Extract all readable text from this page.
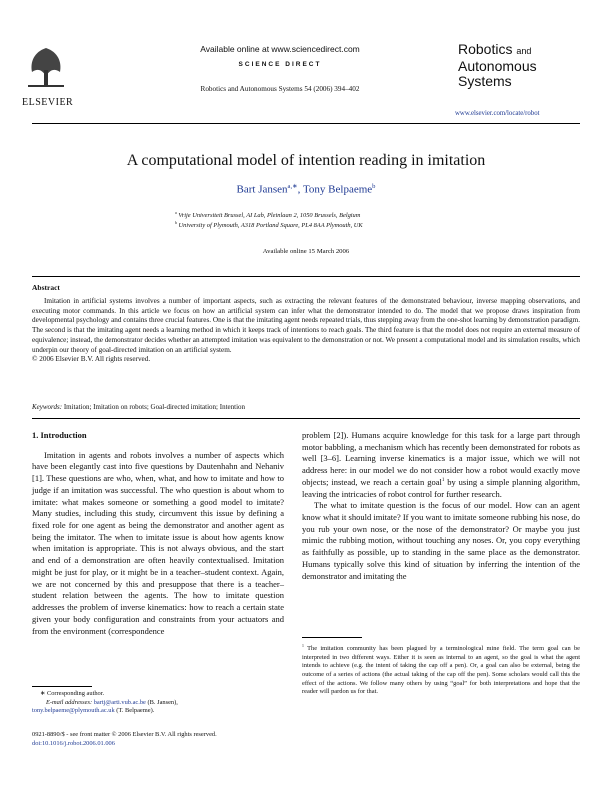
ELSEVIER
Available online at www.sciencedirect.com
SCIENCE DIRECT
Robotics and Autonomous Systems 54 (2006) 394–402
Robotics and
Autonomous
Systems
www.elsevier.com/locate/robot
A computational model of intention reading in imitation
Bart Jansen$^{a,∗}$, Tony Belpaeme$^b$
$^a$ Vrije Universiteit Brussel, AI Lab, Pleinlaan 2, 1050 Brussels, Belgium
$^b$ University of Plymouth, A318 Portland Square, PL4 8AA Plymouth, UK
Available online 15 March 2006
Abstract
Imitation in artificial systems involves a number of important aspects, such as extracting the relevant features of the demonstrated behaviour, inverse mapping observations, and executing motor commands. In this article we focus on how an artificial system can infer what the demonstrator intended to do. The model that we propose draws inspiration from developmental psychology and contains three crucial features. One is that the imitating agent needs repeated trials, thus stepping away from the one-shot learning by demonstration paradigm. The second is that the imitating agent needs a learning method in which it keeps track of intentions to reach goals. The third feature is that the model does not require an external measure of equivalence; instead, the demonstrator decides whether an attempted imitation was equivalent to the demonstration or not. We present a computational model and its simulation results, which underpin our theory of goal-directed imitation on an artificial system.
© 2006 Elsevier B.V. All rights reserved.
Keywords: Imitation; Imitation on robots; Goal-directed imitation; Intention
1. Introduction

Imitation in agents and robots involves a number of aspects which have been elegantly cast into five questions by Dautenhahn and Nehaniv [1]. These questions are who, when, what, and how to imitate and how to judge if an imitation was successful. The who question is about whom to imitate: what makes someone or something a good model to imitate? Many studies, including this study, circumvent this issue by defining a fixed role for one agent as being the demonstrator and another agent as being the imitator. The when to imitate issue is about how agents know when imitation is appropriate. This is not always obvious, and the start and end of a demonstration are often heavily contextualised. Imitation might be just for play, or it might be in a teacher–student context. Again, we are not concerned by this and presuppose that there is a teacher–student relation between the agents. The how to imitate question addresses the problem of inverse kinematics: how to reach a certain state given your body configuration and constraints from your actuators and from the environment (correspondence

problem [2]). Humans acquire knowledge for this task for a large part through motor babbling, a mechanism which has recently been demonstrated for robots as well [3–6]. Learning inverse kinematics is a major issue, which we will not address here: in our model we do not consider how a robot would exactly move objects; instead, we reach a certain goal$^1$ by using a simple planning algorithm, leaving the intricacies of robot control for further research.

The what to imitate question is the focus of our model. How can an agent know what it should imitate? If you want to imitate someone rubbing his nose, do you rub your own nose, or the nose of the demonstrator? Or maybe you just mimic the rubbing motion, without touching any noses. Or, you copy everything as faithfully as possible, up to standing in the same place as the demonstrator. Humans typically solve this kind of situation by inferring the intention of the demonstrator and imitating the

$^1$ The imitation community has been plagued by a terminological mine field. The term goal can be interpreted in two different ways. Either it is seen as internal to an agent, so the goal is what the agent intends to achieve (e.g. the intent of taking the cap off a pen). Or, a goal can also be external, being the outcome of a series of actions (the actual taking of the cap off the pen). Some scholars would call this the effect of the actions. We follow many others by using “goal” for both interpretations and hope that the reader will pardon us for that.
∗ Corresponding author.
E-mail addresses: bartj@arti.vub.ac.be (B. Jansen),
tony.belpaeme@plymouth.ac.uk (T. Belpaeme).
0921-8890/$ - see front matter © 2006 Elsevier B.V. All rights reserved.
doi:10.1016/j.robot.2006.01.006
